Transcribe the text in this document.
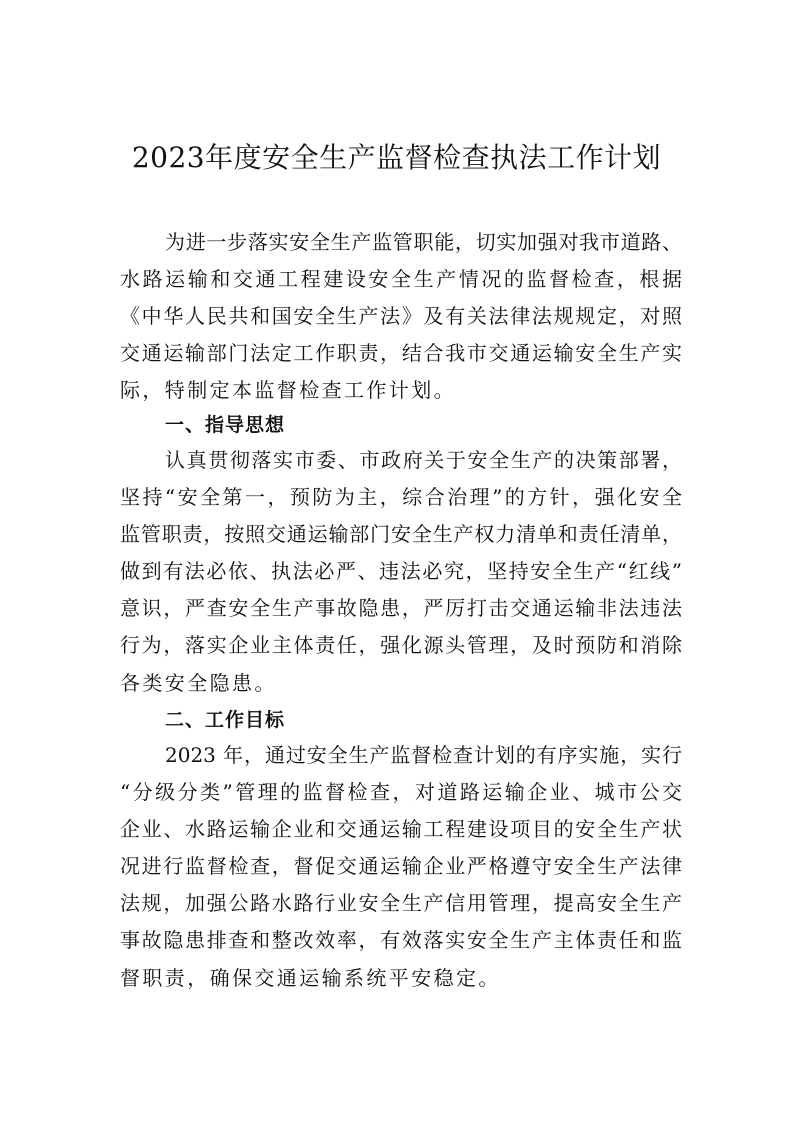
2023年度安全生产监督检查执法工作计划
为进一步落实安全生产监管职能，切实加强对我市道路、
水路运输和交通工程建设安全生产情况的监督检查，根据
《中华人民共和国安全生产法》及有关法律法规规定，对照
交通运输部门法定工作职责，结合我市交通运输安全生产实
际，特制定本监督检查工作计划。
一、指导思想
认真贯彻落实市委、市政府关于安全生产的决策部署，
坚持“安全第一，预防为主，综合治理”的方针，强化安全
监管职责，按照交通运输部门安全生产权力清单和责任清单，
做到有法必依、执法必严、违法必究，坚持安全生产“红线”
意识，严查安全生产事故隐患，严厉打击交通运输非法违法
行为，落实企业主体责任，强化源头管理，及时预防和消除
各类安全隐患。
二、工作目标
2023 年，通过安全生产监督检查计划的有序实施，实行
“分级分类”管理的监督检查，对道路运输企业、城市公交
企业、水路运输企业和交通运输工程建设项目的安全生产状
况进行监督检查，督促交通运输企业严格遵守安全生产法律
法规，加强公路水路行业安全生产信用管理，提高安全生产
事故隐患排查和整改效率，有效落实安全生产主体责任和监
督职责，确保交通运输系统平安稳定。
